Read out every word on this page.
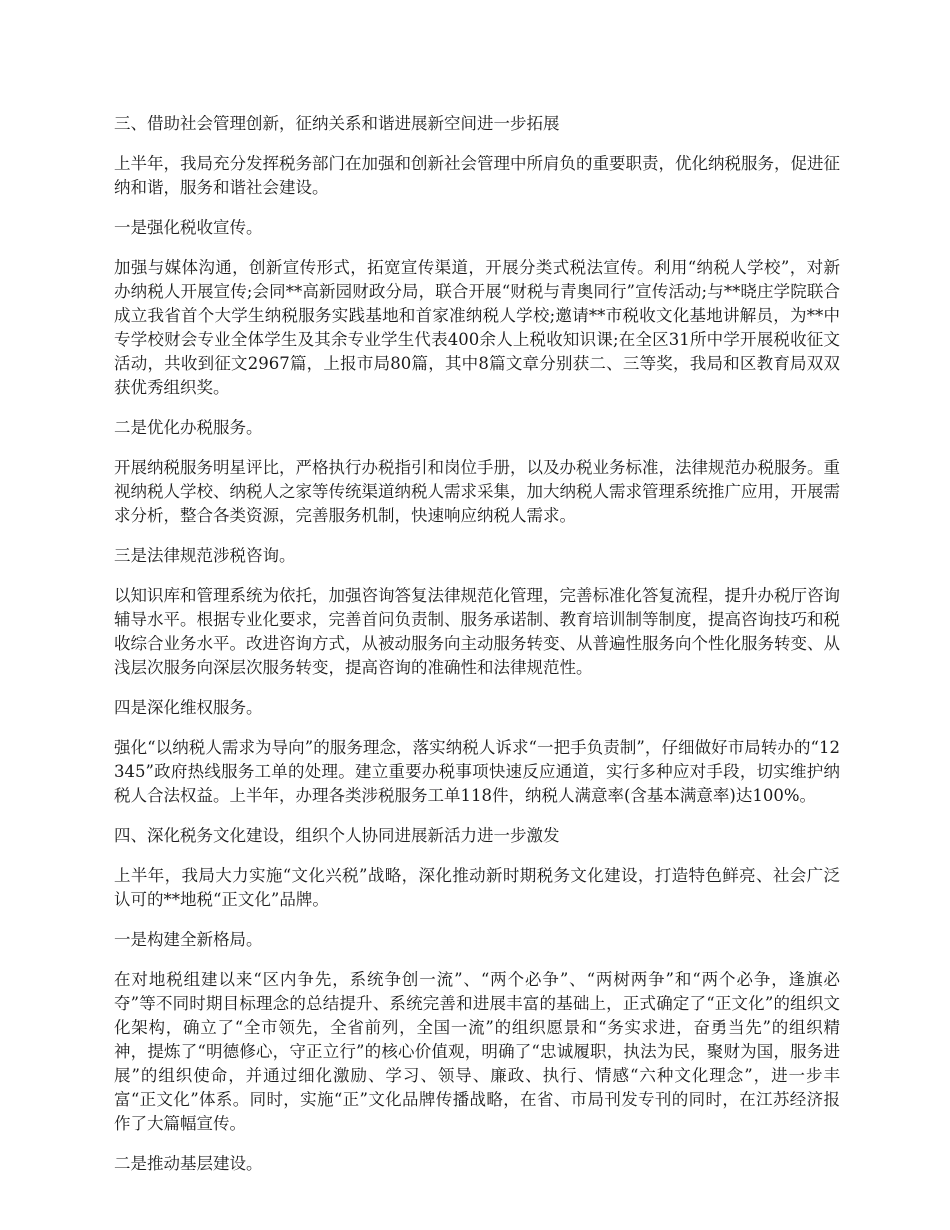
三、借助社会管理创新，征纳关系和谐进展新空间进一步拓展

上半年，我局充分发挥税务部门在加强和创新社会管理中所肩负的重要职责，优化纳税服务，促进征纳和谐，服务和谐社会建设。

一是强化税收宣传。

加强与媒体沟通，创新宣传形式，拓宽宣传渠道，开展分类式税法宣传。利用“纳税人学校”，对新办纳税人开展宣传;会同**高新园财政分局，联合开展“财税与青奥同行”宣传活动;与**晓庄学院联合成立我省首个大学生纳税服务实践基地和首家准纳税人学校;邀请**市税收文化基地讲解员，为**中专学校财会专业全体学生及其余专业学生代表400余人上税收知识课;在全区31所中学开展税收征文活动，共收到征文2967篇，上报市局80篇，其中8篇文章分别获二、三等奖，我局和区教育局双双获优秀组织奖。

二是优化办税服务。

开展纳税服务明星评比，严格执行办税指引和岗位手册，以及办税业务标准，法律规范办税服务。重视纳税人学校、纳税人之家等传统渠道纳税人需求采集，加大纳税人需求管理系统推广应用，开展需求分析，整合各类资源，完善服务机制，快速响应纳税人需求。

三是法律规范涉税咨询。

以知识库和管理系统为依托，加强咨询答复法律规范化管理，完善标准化答复流程，提升办税厅咨询辅导水平。根据专业化要求，完善首问负责制、服务承诺制、教育培训制等制度，提高咨询技巧和税收综合业务水平。改进咨询方式，从被动服务向主动服务转变、从普遍性服务向个性化服务转变、从浅层次服务向深层次服务转变，提高咨询的准确性和法律规范性。

四是深化维权服务。

强化“以纳税人需求为导向”的服务理念，落实纳税人诉求“一把手负责制”，仔细做好市局转办的“12345”政府热线服务工单的处理。建立重要办税事项快速反应通道，实行多种应对手段，切实维护纳税人合法权益。上半年，办理各类涉税服务工单118件，纳税人满意率(含基本满意率)达100%。

四、深化税务文化建设，组织个人协同进展新活力进一步激发

上半年，我局大力实施“文化兴税”战略，深化推动新时期税务文化建设，打造特色鲜亮、社会广泛认可的**地税“正文化”品牌。

一是构建全新格局。

在对地税组建以来“区内争先，系统争创一流”、“两个必争”、“两树两争”和“两个必争，逢旗必夺”等不同时期目标理念的总结提升、系统完善和进展丰富的基础上，正式确定了“正文化”的组织文化架构，确立了“全市领先，全省前列，全国一流”的组织愿景和“务实求进，奋勇当先”的组织精神，提炼了“明德修心，守正立行”的核心价值观，明确了“忠诚履职，执法为民，聚财为国，服务进展”的组织使命，并通过细化激励、学习、领导、廉政、执行、情感“六种文化理念”，进一步丰富“正文化”体系。同时，实施“正”文化品牌传播战略，在省、市局刊发专刊的同时，在江苏经济报作了大篇幅宣传。

二是推动基层建设。
